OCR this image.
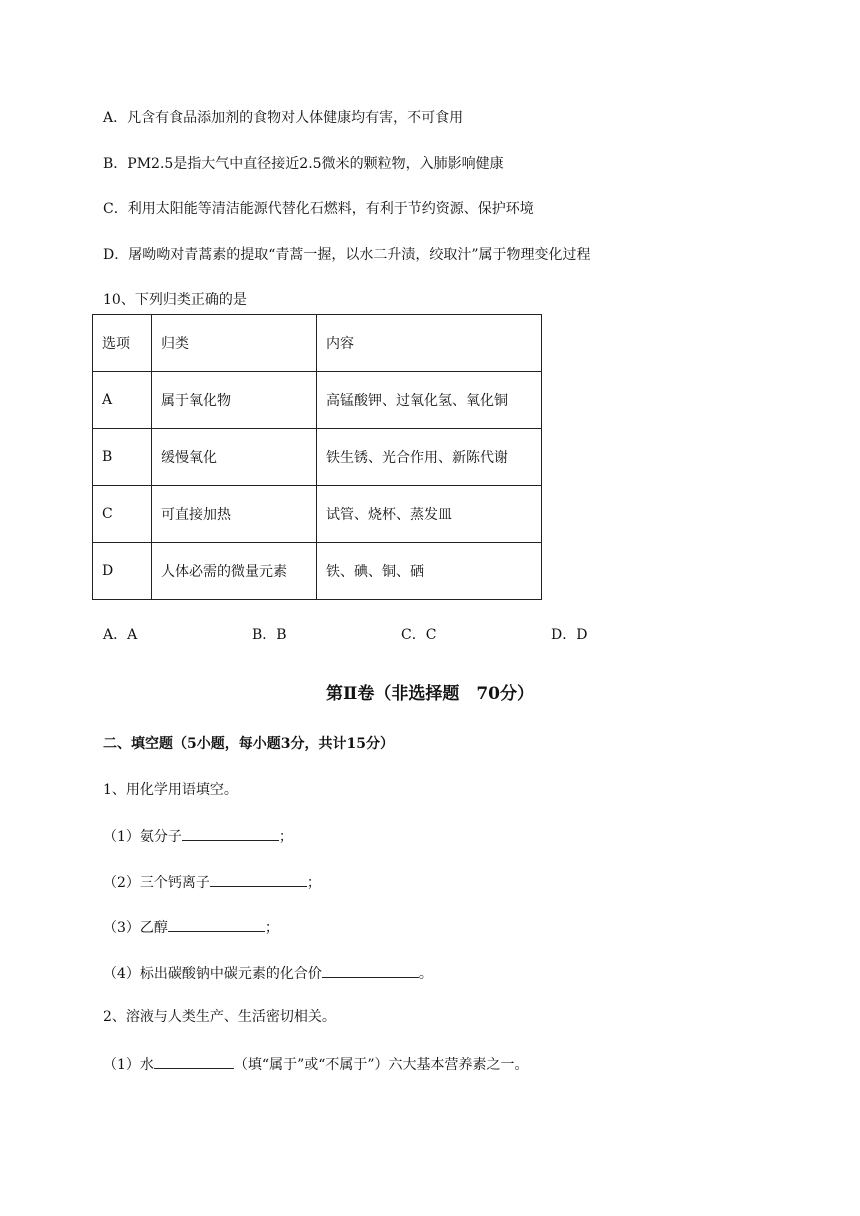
A．凡含有食品添加剂的食物对人体健康均有害，不可食用
B．PM2.5是指大气中直径接近2.5微米的颗粒物，入肺影响健康
C．利用太阳能等清洁能源代替化石燃料，有利于节约资源、保护环境
D．屠呦呦对青蒿素的提取“青蒿一握，以水二升渍，绞取汁”属于物理变化过程
10、下列归类正确的是
选项	归类	内容
A	属于氧化物	高锰酸钾、过氧化氢、氧化铜
B	缓慢氧化	铁生锈、光合作用、新陈代谢
C	可直接加热	试管、烧杯、蒸发皿
D	人体必需的微量元素	铁、碘、铜、硒
A．A	B．B	C．C	D．D
第Ⅱ卷（非选择题　70分）
二、填空题（5小题，每小题3分，共计15分）
1、用化学用语填空。
（1）氨分子	；
（2）三个钙离子	；
（3）乙醇	；
（4）标出碳酸钠中碳元素的化合价	。
2、溶液与人类生产、生活密切相关。
（1）水	（填“属于”或“不属于”）六大基本营养素之一。
